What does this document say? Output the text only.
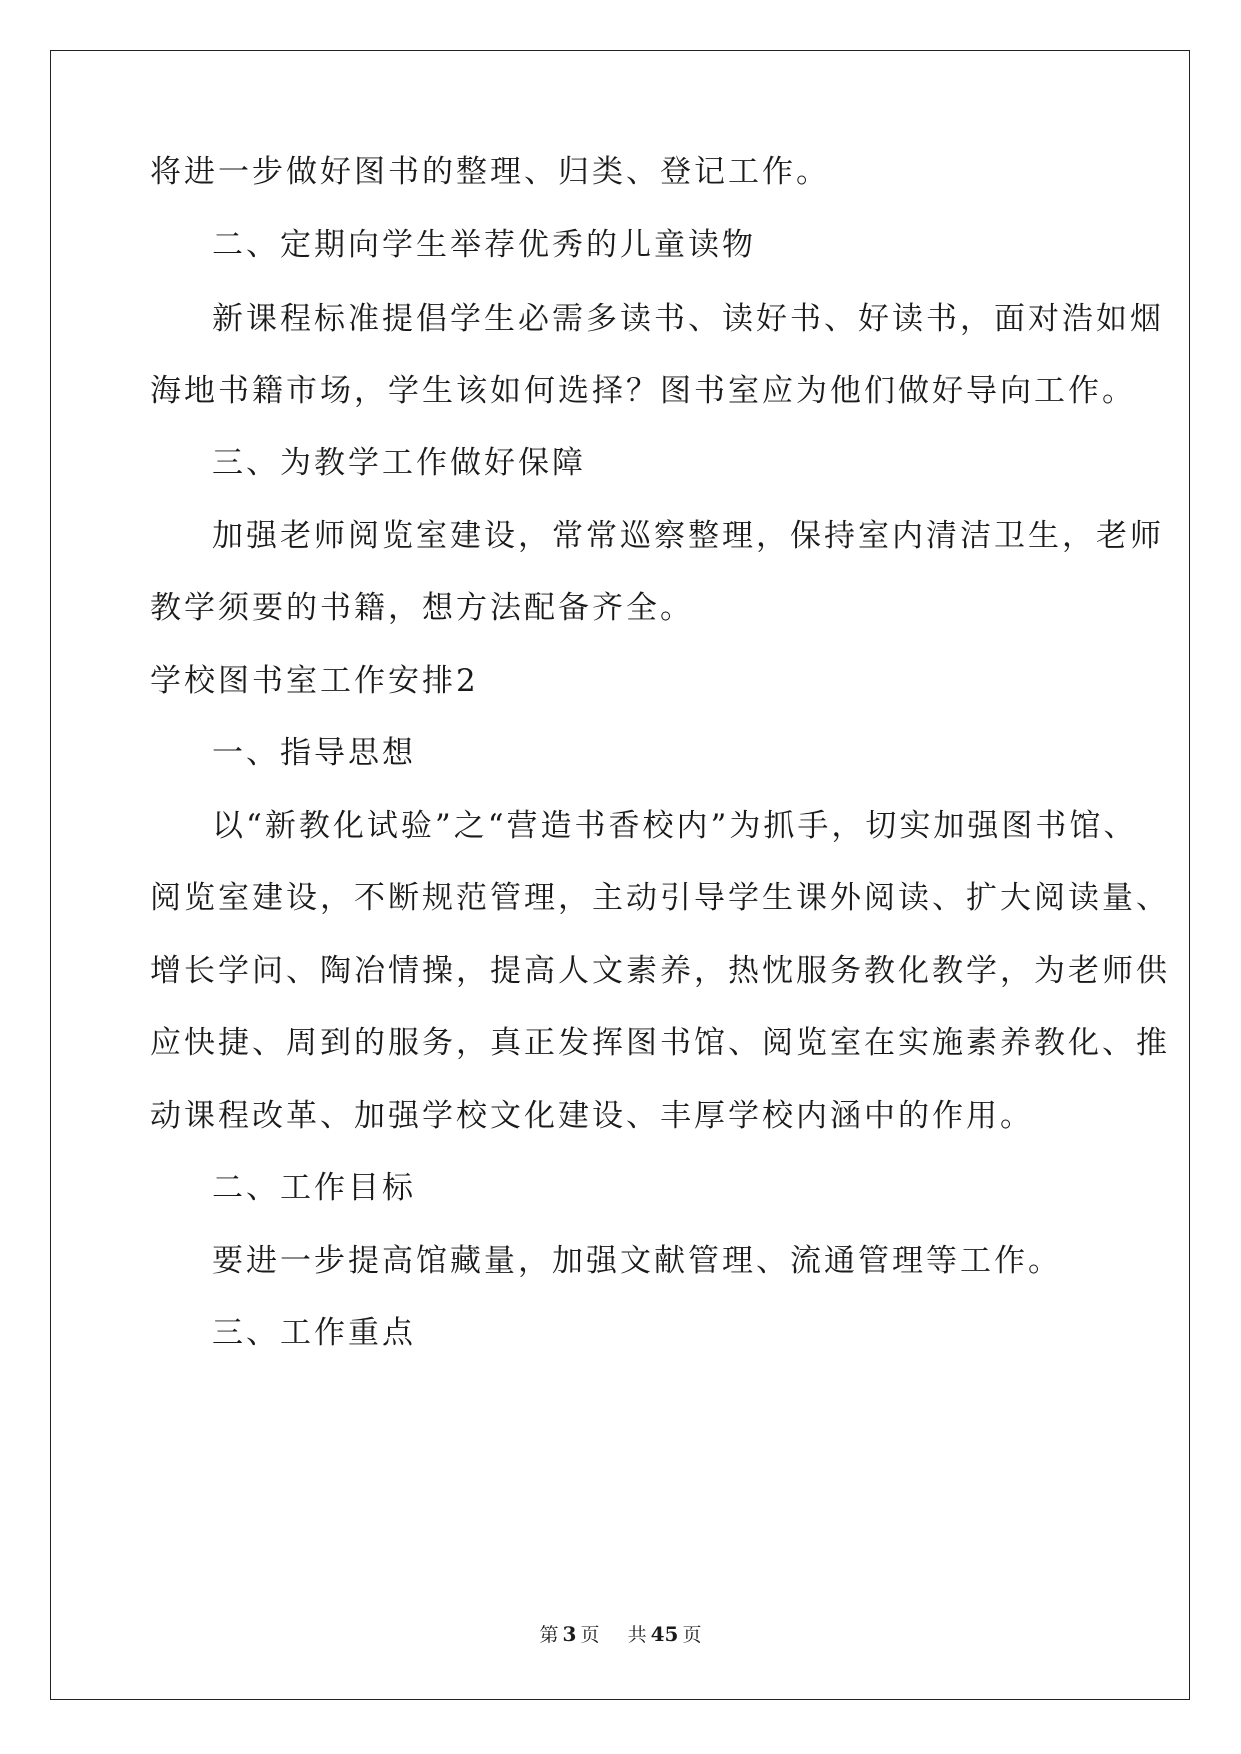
将进一步做好图书的整理、归类、登记工作。
二、定期向学生举荐优秀的儿童读物
新课程标准提倡学生必需多读书、读好书、好读书，面对浩如烟
海地书籍市场，学生该如何选择？图书室应为他们做好导向工作。
三、为教学工作做好保障
加强老师阅览室建设，常常巡察整理，保持室内清洁卫生，老师
教学须要的书籍，想方法配备齐全。
学校图书室工作安排2
一、指导思想
以“新教化试验”之“营造书香校内”为抓手，切实加强图书馆、
阅览室建设，不断规范管理，主动引导学生课外阅读、扩大阅读量、
增长学问、陶冶情操，提高人文素养，热忱服务教化教学，为老师供
应快捷、周到的服务，真正发挥图书馆、阅览室在实施素养教化、推
动课程改革、加强学校文化建设、丰厚学校内涵中的作用。
二、工作目标
要进一步提高馆藏量，加强文献管理、流通管理等工作。
三、工作重点
第 3 页 共 45 页
